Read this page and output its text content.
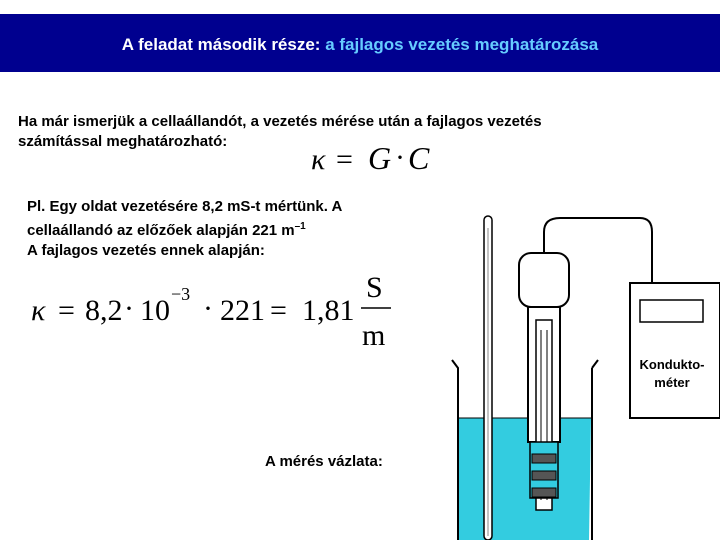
A feladat második része: a fajlagos vezetés meghatározása
Ha már ismerjük a cellaállandót, a vezetés mérése után a fajlagos vezetés
számítással meghatározható:
Pl. Egy oldat vezetésére 8,2 mS-t mértünk. A
cellaállandó az előzőek alapján 221 $m^{-1}$
A fajlagos vezetés ennek alapján:
A mérés vázlata:
κ = G · C
κ = 8,2 · 10 −3 · 221 = 1,81
S
m
Konduktо-
méter
